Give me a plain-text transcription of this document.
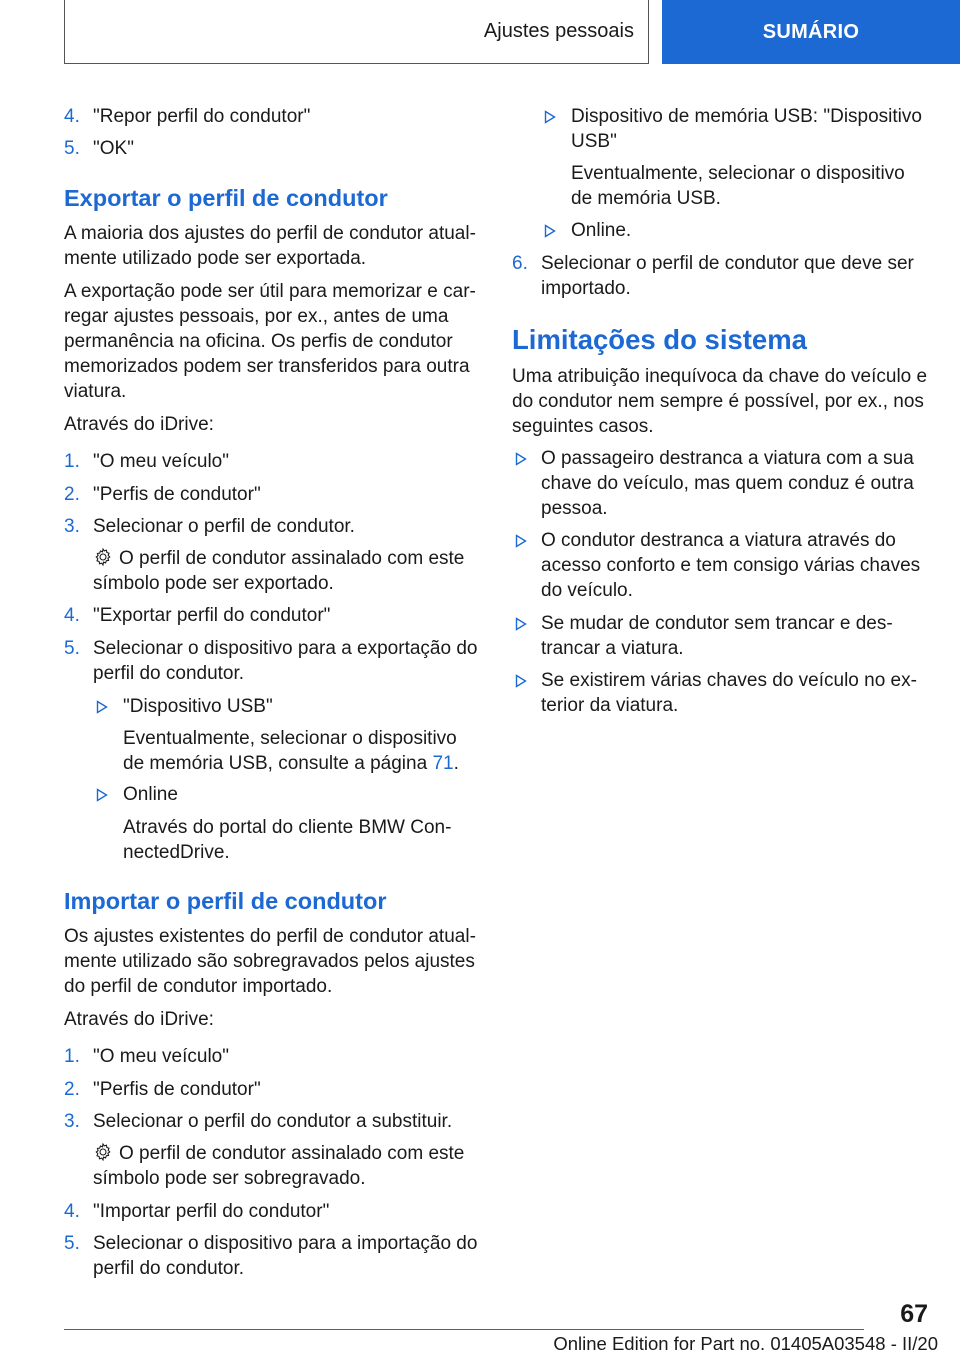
Ajustes pessoais	SUMÁRIO
4. "Repor perfil do condutor"
5. "OK"
Exportar o perfil de condutor
A maioria dos ajustes do perfil de condutor atualmente utilizado pode ser exportada.
A exportação pode ser útil para memorizar e carregar ajustes pessoais, por ex., antes de uma permanência na oficina. Os perfis de condutor memorizados podem ser transferidos para outra viatura.
Através do iDrive:
1. "O meu veículo"
2. "Perfis de condutor"
3. Selecionar o perfil de condutor.
O perfil de condutor assinalado com este símbolo pode ser exportado.
4. "Exportar perfil do condutor"
5. Selecionar o dispositivo para a exportação do perfil do condutor.
"Dispositivo USB"
Eventualmente, selecionar o dispositivo de memória USB, consulte a página 71.
Online
Através do portal do cliente BMW ConnectedDrive.
Importar o perfil de condutor
Os ajustes existentes do perfil de condutor atualmente utilizado são sobregravados pelos ajustes do perfil de condutor importado.
Através do iDrive:
1. "O meu veículo"
2. "Perfis de condutor"
3. Selecionar o perfil do condutor a substituir.
O perfil de condutor assinalado com este símbolo pode ser sobregravado.
4. "Importar perfil do condutor"
5. Selecionar o dispositivo para a importação do perfil do condutor.
Dispositivo de memória USB: "Dispositivo USB"
Eventualmente, selecionar o dispositivo de memória USB.
Online.
6. Selecionar o perfil de condutor que deve ser importado.
Limitações do sistema
Uma atribuição inequívoca da chave do veículo e do condutor nem sempre é possível, por ex., nos seguintes casos.
O passageiro destranca a viatura com a sua chave do veículo, mas quem conduz é outra pessoa.
O condutor destranca a viatura através do acesso conforto e tem consigo várias chaves do veículo.
Se mudar de condutor sem trancar e destrancar a viatura.
Se existirem várias chaves do veículo no exterior da viatura.
67
Online Edition for Part no. 01405A03548 - II/20
